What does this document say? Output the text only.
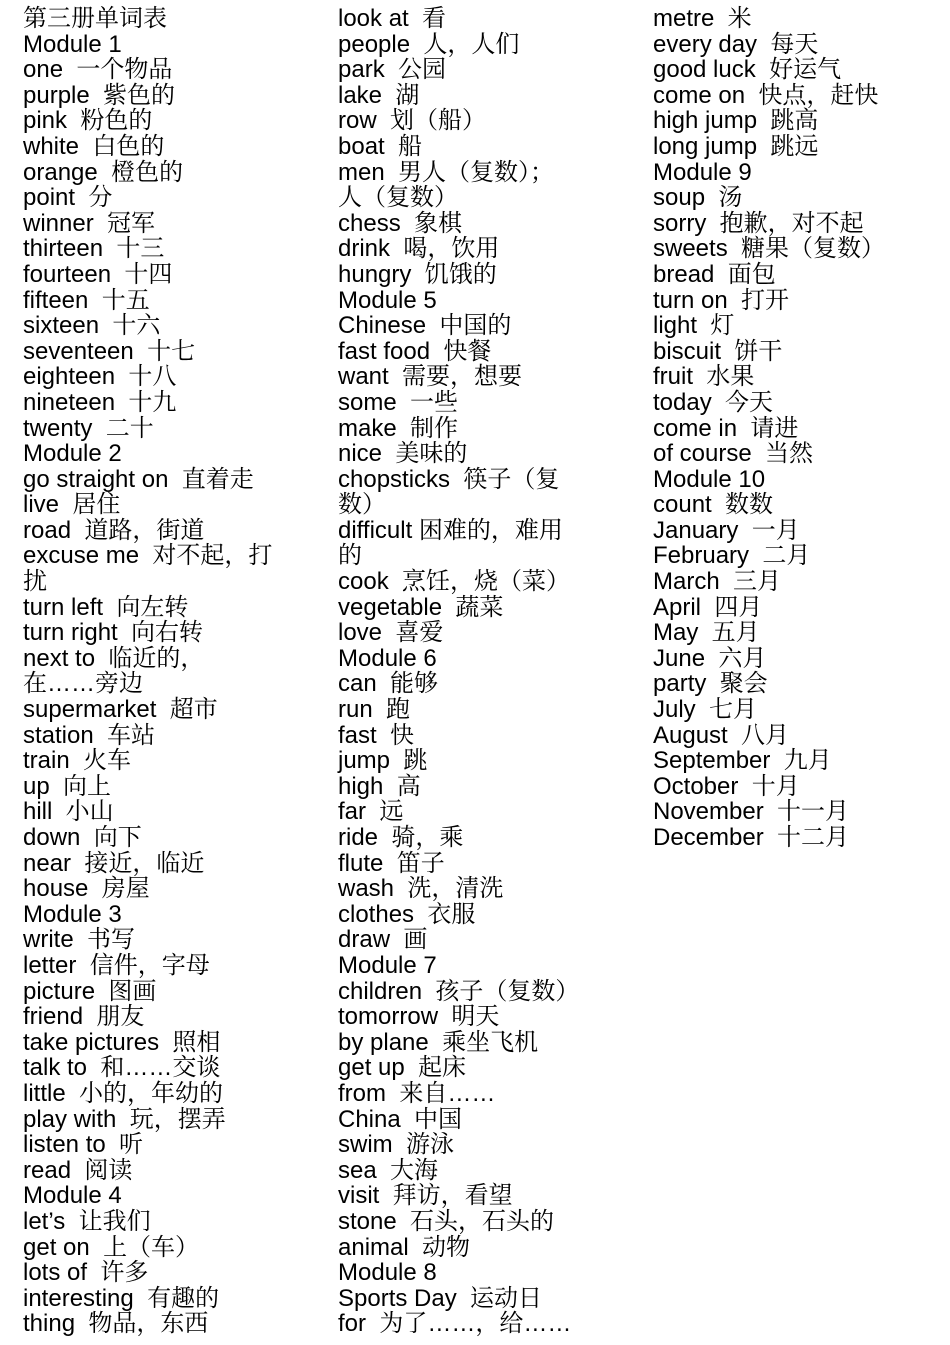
第三册单词表
Module 1
one  一个物品
purple  紫色的
pink  粉色的
white  白色的
orange  橙色的
point  分
winner  冠军
thirteen  十三
fourteen  十四
fifteen  十五
sixteen  十六
seventeen  十七
eighteen  十八
nineteen  十九
twenty  二十
Module 2
go straight on  直着走
live  居住
road  道路，街道
excuse me  对不起，打
扰
turn left  向左转
turn right  向右转
next to  临近的，
在……旁边
supermarket  超市
station  车站
train  火车
up  向上
hill  小山
down  向下
near  接近，临近
house  房屋
Module 3
write  书写
letter  信件，字母
picture  图画
friend  朋友
take pictures  照相
talk to  和……交谈
little  小的，年幼的
play with  玩，摆弄
listen to  听
read  阅读
Module 4
let’s  让我们
get on  上（车）
lots of  许多
interesting  有趣的
thing  物品，东西
look at  看
people  人，人们
park  公园
lake  湖
row  划（船）
boat  船
men  男人（复数）；
人（复数）
chess  象棋
drink  喝，饮用
hungry  饥饿的
Module 5
Chinese  中国的
fast food  快餐
want  需要，想要
some  一些
make  制作
nice  美味的
chopsticks  筷子（复
数）
difficult 困难的，难用
的
cook  烹饪，烧（菜）
vegetable  蔬菜
love  喜爱
Module 6
can  能够
run  跑
fast  快
jump  跳
high  高
far  远
ride  骑，乘
flute  笛子
wash  洗，清洗
clothes  衣服
draw  画
Module 7
children  孩子（复数）
tomorrow  明天
by plane  乘坐飞机
get up  起床
from  来自……
China  中国
swim  游泳
sea  大海
visit  拜访，看望
stone  石头，石头的
animal  动物
Module 8
Sports Day  运动日
for  为了……，给……
metre  米
every day  每天
good luck  好运气
come on  快点，赶快
high jump  跳高
long jump  跳远
Module 9
soup  汤
sorry  抱歉，对不起
sweets  糖果（复数）
bread  面包
turn on  打开
light  灯
biscuit  饼干
fruit  水果
today  今天
come in  请进
of course  当然
Module 10
count  数数
January  一月
February  二月
March  三月
April  四月
May  五月
June  六月
party  聚会
July  七月
August  八月
September  九月
October  十月
November  十一月
December  十二月
